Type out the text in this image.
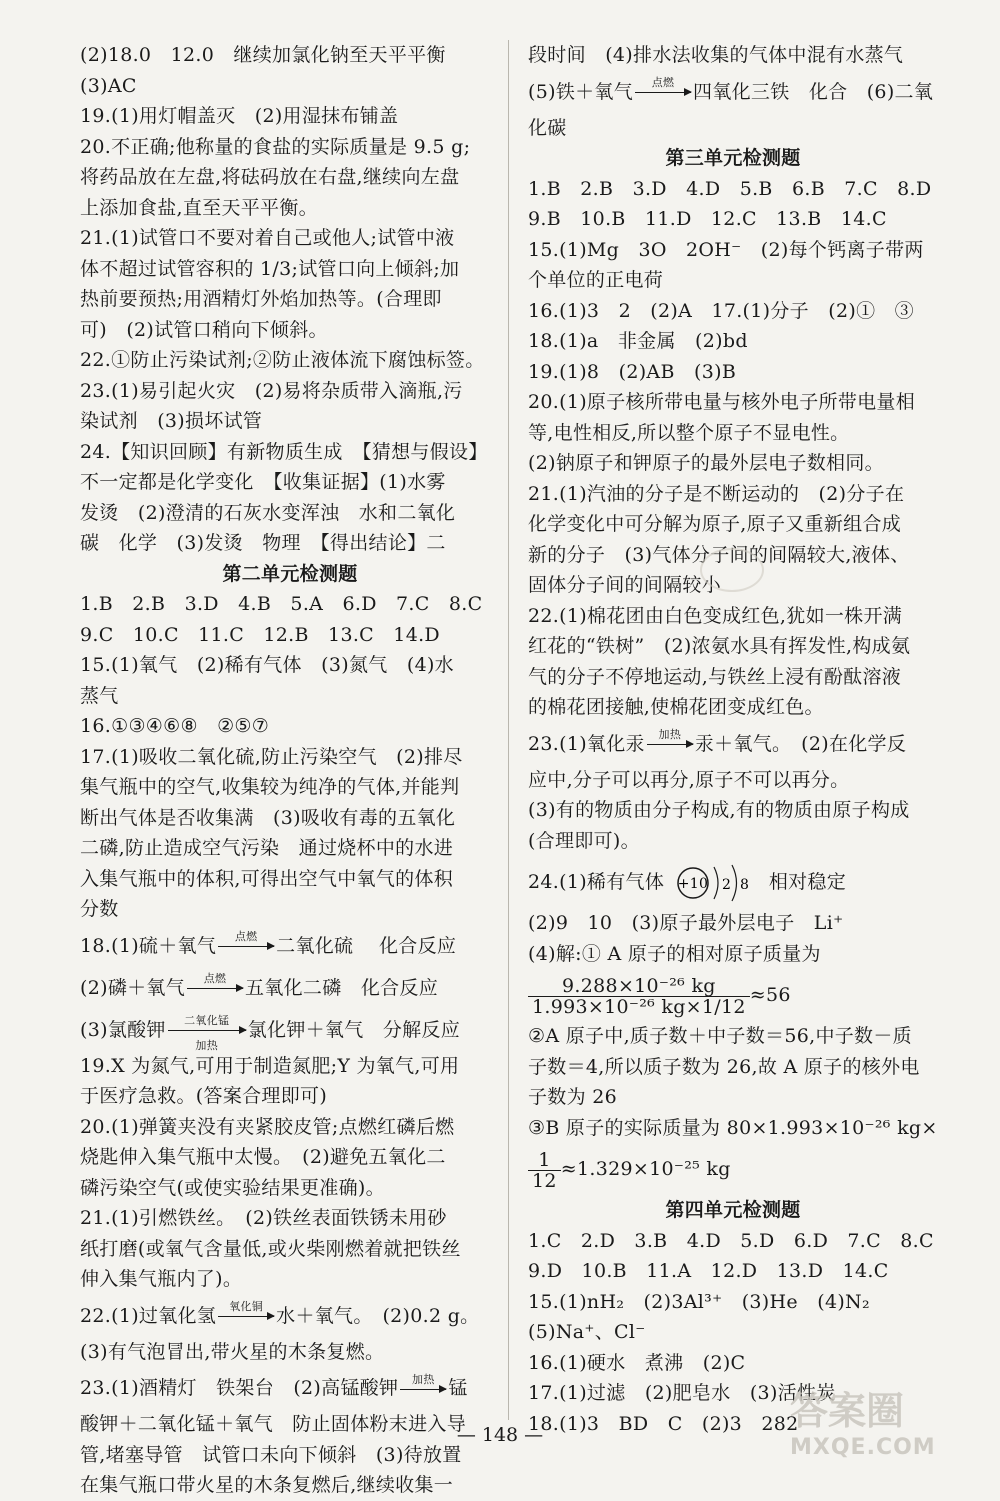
(2)18.0　12.0　继续加氯化钠至天平平衡
(3)AC
19.(1)用灯帽盖灭　(2)用湿抹布铺盖
20.不正确;他称量的食盐的实际质量是 9.5 g;
将药品放在左盘,将砝码放在右盘,继续向左盘
上添加食盐,直至天平平衡。
21.(1)试管口不要对着自己或他人;试管中液
体不超过试管容积的 1/3;试管口向上倾斜;加
热前要预热;用酒精灯外焰加热等。(合理即
可)　(2)试管口稍向下倾斜。
22.①防止污染试剂;②防止液体流下腐蚀标签。
23.(1)易引起火灾　(2)易将杂质带入滴瓶,污
染试剂　(3)损坏试管
24.【知识回顾】有新物质生成　【猜想与假设】
不一定都是化学变化　【收集证据】(1)水雾
发烫　(2)澄清的石灰水变浑浊　水和二氧化
碳　化学　(3)发烫　物理　【得出结论】二
第二单元检测题
1.B　2.B　3.D　4.B　5.A　6.D　7.C　8.C
9.C　10.C　11.C　12.B　13.C　14.D
15.(1)氧气　(2)稀有气体　(3)氮气　(4)水
蒸气
16.①③④⑥⑧　②⑤⑦
17.(1)吸收二氧化硫,防止污染空气　(2)排尽
集气瓶中的空气,收集较为纯净的气体,并能判
断出气体是否收集满　(3)吸收有毒的五氧化
二磷,防止造成空气污染　通过烧杯中的水进
入集气瓶中的体积,可得出空气中氧气的体积
分数
18.(1)硫＋氧气	点燃 二氧化硫　 化合反应
(2)磷＋氧气	点燃 五氧化二磷　化合反应
(3)氯酸钾	二氧化锰
加热
氯化钾＋氧气　分解反应
19.X 为氮气,可用于制造氮肥;Y 为氧气,可用
于医疗急救。(答案合理即可)
20.(1)弹簧夹没有夹紧胶皮管;点燃红磷后燃
烧匙伸入集气瓶中太慢。　(2)避免五氧化二
磷污染空气(或使实验结果更准确)。
21.(1)引燃铁丝。　(2)铁丝表面铁锈未用砂
纸打磨(或氧气含量低,或火柴刚燃着就把铁丝
伸入集气瓶内了)。
22.(1)过氧化氢	氧化铜 水＋氧气。　(2)0.2 g。
(3)有气泡冒出,带火星的木条复燃。
23.(1)酒精灯　铁架台　(2)高锰酸钾	加热 锰
酸钾＋二氧化锰＋氧气　防止固体粉末进入导
管,堵塞导管　试管口未向下倾斜　(3)待放置
在集气瓶口带火星的木条复燃后,继续收集一
段时间　(4)排水法收集的气体中混有水蒸气
(5)铁＋氧气	点燃 四氧化三铁　化合　(6)二氧
化碳
第三单元检测题
1.B　2.B　3.D　4.D　5.B　6.B　7.C　8.D
9.B　10.B　11.D　12.C　13.B　14.C
15.(1)Mg　3O　2OH⁻　(2)每个钙离子带两
个单位的正电荷
16.(1)3　2　(2)A　17.(1)分子　(2)①　③
18.(1)a　非金属　(2)bd
19.(1)8　(2)AB　(3)B
20.(1)原子核所带电量与核外电子所带电量相
等,电性相反,所以整个原子不显电性。
(2)钠原子和钾原子的最外层电子数相同。
21.(1)汽油的分子是不断运动的　(2)分子在
化学变化中可分解为原子,原子又重新组合成
新的分子　(3)气体分子间的间隔较大,液体、
固体分子间的间隔较小
22.(1)棉花团由白色变成红色,犹如一株开满
红花的“铁树”　(2)浓氨水具有挥发性,构成氨
气的分子不停地运动,与铁丝上浸有酚酞溶液
的棉花团接触,使棉花团变成红色。
23.(1)氧化汞	加热 汞＋氧气。　(2)在化学反
应中,分子可以再分,原子不可以再分。
(3)有的物质由分子构成,有的物质由原子构成
(合理即可)。
24.(1)稀有气体 +10 2 8 相对稳定
(2)9　10　(3)原子最外层电子　Li⁺
(4)解:① A 原子的相对原子质量为
$\frac{\text{9.288×10⁻²⁶ kg}}{\text{1.993×10⁻²⁶ kg×1/12}} \approx 56$
②A 原子中,质子数＋中子数＝56,中子数－质
子数＝4,所以质子数为 26,故 A 原子的核外电
子数为 26
③B 原子的实际质量为 80×1.993×10⁻²⁶ kg×
$\frac{1}{12} \approx 1.329\times 10^{-25}$ kg
第四单元检测题
1.C　2.D　3.B　4.D　5.D　6.D　7.C　8.C
9.D　10.B　11.A　12.D　13.D　14.C
15.(1)nH₂　(2)3Al³⁺　(3)He　(4)N₂
(5)Na⁺、Cl⁻
16.(1)硬水　煮沸　(2)C
17.(1)过滤　(2)肥皂水　(3)活性炭
18.(1)3　BD　C　(2)3　282
— 148 —
答案圈
MXQE.COM
